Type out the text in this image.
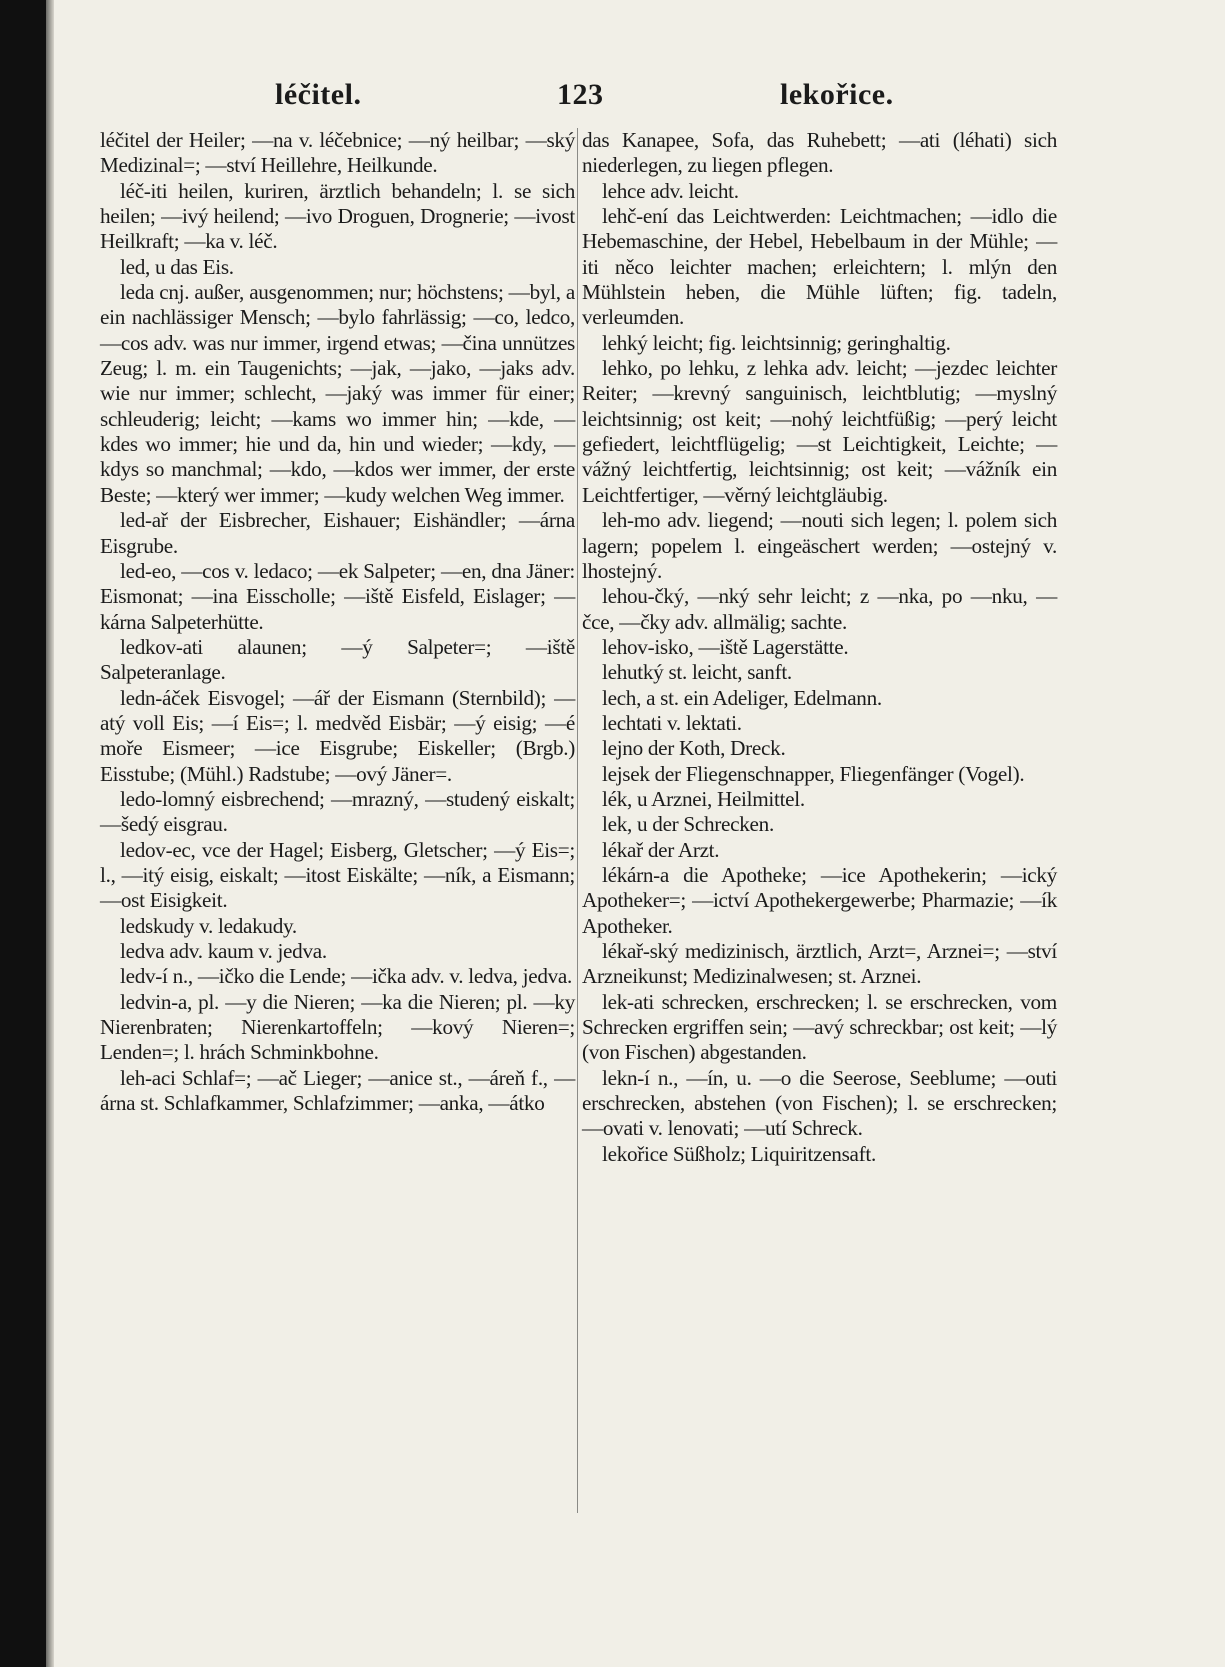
léčitel.	123	lekořice.

léčitel der Heiler; —na v. léčebnice; —ný heilbar; —ský Medizinal=; —ství Heillehre, Heilkunde.

léč-iti heilen, kuriren, ärztlich behandeln; l. se sich heilen; —ivý heilend; —ivo Droguen, Drognerie; —ivost Heilkraft; —ka v. léč.

led, u das Eis.

leda cnj. außer, ausgenommen; nur; höchstens; —byl, a ein nachlässiger Mensch; —bylo fahrlässig; —co, ledco, —cos adv. was nur immer, irgend etwas; —čina unnützes Zeug; l. m. ein Taugenichts; —jak, —jako, —jaks adv. wie nur immer; schlecht, —jaký was immer für einer; schleuderig; leicht; —kams wo immer hin; —kde, —kdes wo immer; hie und da, hin und wieder; —kdy, —kdys so manchmal; —kdo, —kdos wer immer, der erste Beste; —který wer immer; —kudy welchen Weg immer.

led-ař der Eisbrecher, Eishauer; Eishändler; —árna Eisgrube.

led-eo, —cos v. ledaco; —ek Salpeter; —en, dna Jäner: Eismonat; —ina Eisscholle; —iště Eisfeld, Eislager; —kárna Salpeterhütte.

ledkov-ati alaunen; —ý Salpeter=; —iště Salpeteranlage.

ledn-áček Eisvogel; —ář der Eismann (Sternbild); —atý voll Eis; —í Eis=; l. medvěd Eisbär; —ý eisig; —é moře Eismeer; —ice Eisgrube; Eiskeller; (Brgb.) Eisstube; (Mühl.) Radstube; —ový Jäner=.

ledo-lomný eisbrechend; —mrazný, —studený eiskalt; —šedý eisgrau.

ledov-ec, vce der Hagel; Eisberg, Gletscher; —ý Eis=; l., —itý eisig, eiskalt; —itost Eiskälte; —ník, a Eismann; —ost Eisigkeit.

ledskudy v. ledakudy.

ledva adv. kaum v. jedva.

ledv-í n., —ičko die Lende; —ička adv. v. ledva, jedva.

ledvin-a, pl. —y die Nieren; —ka die Nieren; pl. —ky Nierenbraten; Nierenkartoffeln; —kový Nieren=; Lenden=; l. hrách Schminkbohne.

leh-aci Schlaf=; —ač Lieger; —anice st., —áreň f., —árna st. Schlafkammer, Schlafzimmer; —anka, —átko

das Kanapee, Sofa, das Ruhebett; —ati (léhati) sich niederlegen, zu liegen pflegen.

lehce adv. leicht.

lehč-ení das Leichtwerden: Leichtmachen; —idlo die Hebemaschine, der Hebel, Hebelbaum in der Mühle; —iti něco leichter machen; erleichtern; l. mlýn den Mühlstein heben, die Mühle lüften; fig. tadeln, verleumden.

lehký leicht; fig. leichtsinnig; geringhaltig.

lehko, po lehku, z lehka adv. leicht; —jezdec leichter Reiter; —krevný sanguinisch, leichtblutig; —myslný leichtsinnig; ost keit; —nohý leichtfüßig; —perý leicht gefiedert, leichtflügelig; —st Leichtigkeit, Leichte; —vážný leichtfertig, leichtsinnig; ost keit; —vážník ein Leichtfertiger, —věrný leichtgläubig.

leh-mo adv. liegend; —nouti sich legen; l. polem sich lagern; popelem l. eingeäschert werden; —ostejný v. lhostejný.

lehou-čký, —nký sehr leicht; z —nka, po —nku, —čce, —čky adv. allmälig; sachte.

lehov-isko, —iště Lagerstätte.

lehutký st. leicht, sanft.

lech, a st. ein Adeliger, Edelmann.

lechtati v. lektati.

lejno der Koth, Dreck.

lejsek der Fliegenschnapper, Fliegenfänger (Vogel).

lék, u Arznei, Heilmittel.

lek, u der Schrecken.

lékař der Arzt.

lékárn-a die Apotheke; —ice Apothekerin; —ický Apotheker=; —ictví Apothekergewerbe; Pharmazie; —ík Apotheker.

lékař-ský medizinisch, ärztlich, Arzt=, Arznei=; —ství Arzneikunst; Medizinalwesen; st. Arznei.

lek-ati schrecken, erschrecken; l. se erschrecken, vom Schrecken ergriffen sein; —avý schreckbar; ost keit; —lý (von Fischen) abgestanden.

lekn-í n., —ín, u. —o die Seerose, Seeblume; —outi erschrecken, abstehen (von Fischen); l. se erschrecken; —ovati v. lenovati; —utí Schreck.

lekořice Süßholz; Liquiritzensaft.
